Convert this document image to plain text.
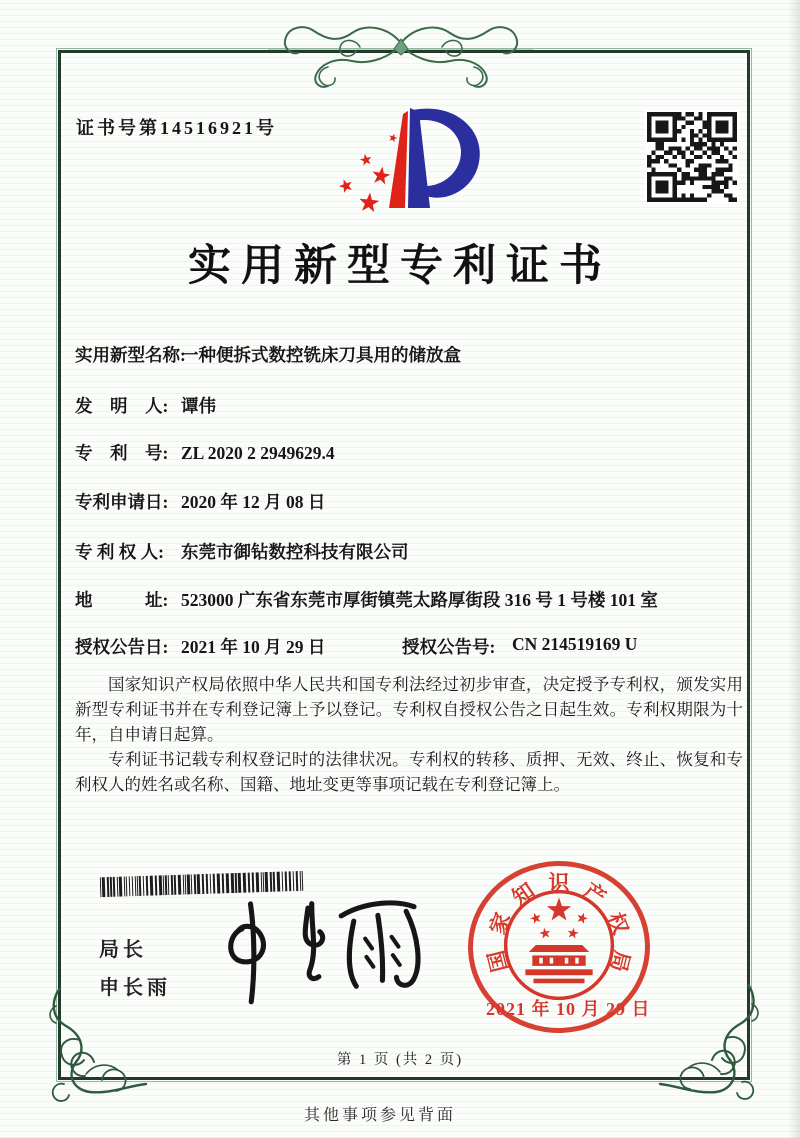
证书号第14516921号
实用新型专利证书
实用新型名称:
一种便拆式数控铣床刀具用的储放盒
发　明　人: 谭伟
专　利　号: ZL 2020 2 2949629.4
专利申请日: 2020 年 12 月 08 日
专 利 权 人: 东莞市御钻数控科技有限公司
地　　　址: 523000 广东省东莞市厚街镇莞太路厚街段 316 号 1 号楼 101 室
授权公告日: 2021 年 10 月 29 日	授权公告号: CN 214519169 U

国家知识产权局依照中华人民共和国专利法经过初步审查，决定授予专利权，颁发实用新型专利证书并在专利登记簿上予以登记。专利权自授权公告之日起生效。专利权期限为十年，自申请日起算。

专利证书记载专利权登记时的法律状况。专利权的转移、质押、无效、终止、恢复和专利权人的姓名或名称、国籍、地址变更等事项记载在专利登记簿上。

局长
申长雨
国
家
知 识 产
权
局
2021 年 10 月 29 日
第 1 页 (共 2 页)
其他事项参见背面
